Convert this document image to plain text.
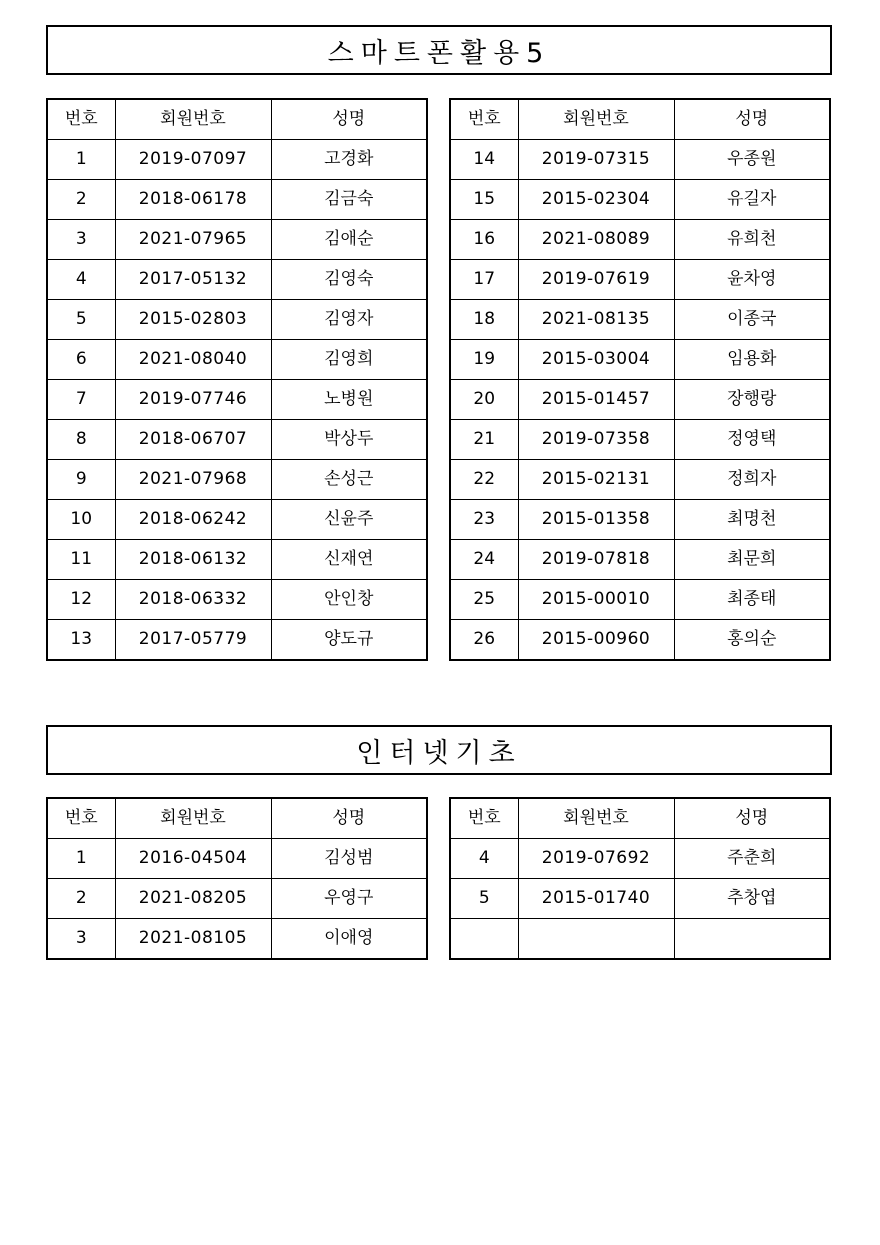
스마트폰활용5
번호	회원번호	성명
1	2019-07097	고경화
2	2018-06178	김금숙
3	2021-07965	김애순
4	2017-05132	김영숙
5	2015-02803	김영자
6	2021-08040	김영희
7	2019-07746	노병원
8	2018-06707	박상두
9	2021-07968	손성근
10	2018-06242	신윤주
11	2018-06132	신재연
12	2018-06332	안인창
13	2017-05779	양도규
번호	회원번호	성명
14	2019-07315	우종원
15	2015-02304	유길자
16	2021-08089	유희천
17	2019-07619	윤차영
18	2021-08135	이종국
19	2015-03004	임용화
20	2015-01457	장행랑
21	2019-07358	정영택
22	2015-02131	정희자
23	2015-01358	최명천
24	2019-07818	최문희
25	2015-00010	최종태
26	2015-00960	홍의순
인터넷기초
번호	회원번호	성명
1	2016-04504	김성범
2	2021-08205	우영구
3	2021-08105	이애영
번호	회원번호	성명
4	2019-07692	주춘희
5	2015-01740	추창엽
